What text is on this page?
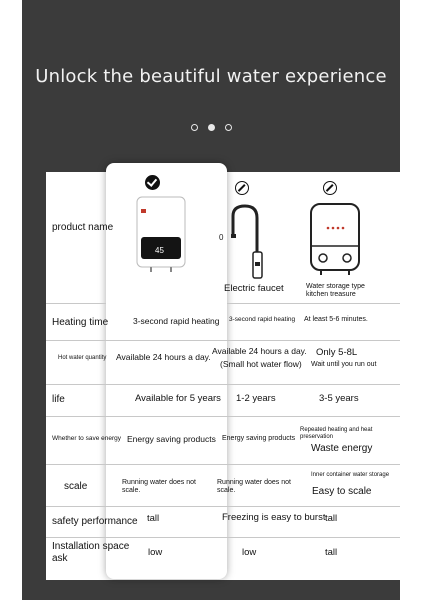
Unlock the beautiful water experience
45
0
product name
Heating time
Hot water quantity
life
Whether to save energy
scale
safety performance
Installation space ask
3-second rapid heating
Available 24 hours a day.
Available for 5 years
Energy saving products
Running water does not scale.
tall
low
Electric faucet
3-second rapid heating
Available 24 hours a day.
(Small hot water flow)
1-2 years
Energy saving products
Running water does not scale.
Freezing is easy to burst
low
Water storage type kitchen treasure
At least 5-6 minutes.
Only 5-8L
Wait until you run out
3-5 years
Repeated heating and heat preservation
Waste energy
Inner container water storage
Easy to scale
tall
tall
